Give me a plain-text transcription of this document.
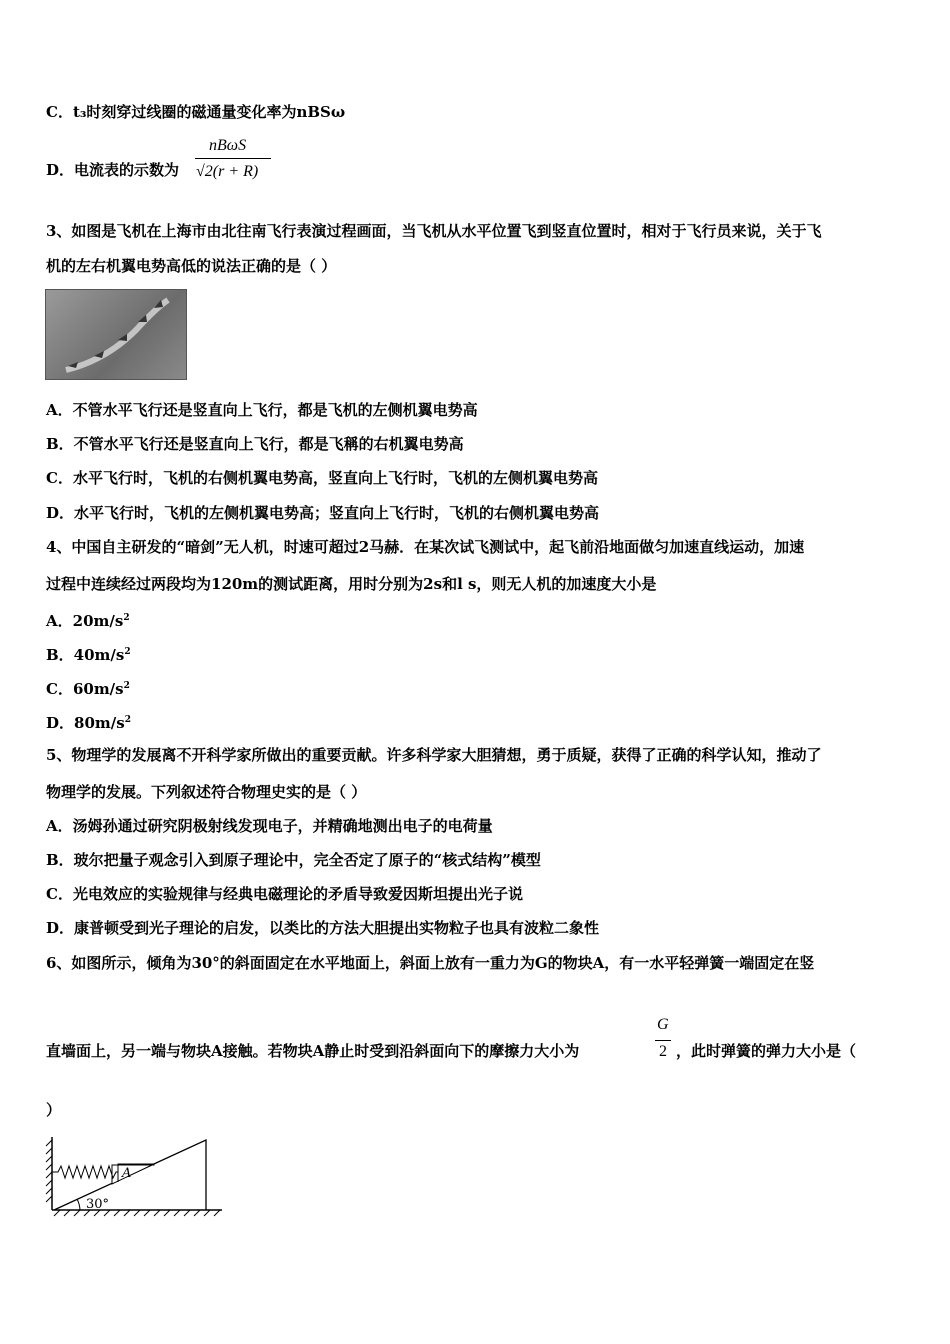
C．t₃时刻穿过线圈的磁通量变化率为nBSω
D．电流表的示数为
nBωS
√2(r + R)
3、如图是飞机在上海市由北往南飞行表演过程画面，当飞机从水平位置飞到竖直位置时，相对于飞行员来说，关于飞
机的左右机翼电势高低的说法正确的是（ ）
A．不管水平飞行还是竖直向上飞行，都是飞机的左侧机翼电势高
B．不管水平飞行还是竖直向上飞行，都是飞稱的右机翼电势高
C．水平飞行时，飞机的右侧机翼电势高，竖直向上飞行时，飞机的左侧机翼电势高
D．水平飞行时，飞机的左侧机翼电势高；竖直向上飞行时，飞机的右侧机翼电势高
4、中国自主研发的“暗剑”无人机，时速可超过2马赫．在某次试飞测试中，起飞前沿地面做匀加速直线运动，加速
过程中连续经过两段均为120m的测试距离，用时分别为2s和l s，则无人机的加速度大小是
A．$20m/s^2$
B．$40m/s^2$
C．$60m/s^2$
D．$80m/s^2$
5、物理学的发展离不开科学家所做出的重要贡献。许多科学家大胆猜想，勇于质疑，获得了正确的科学认知，推动了
物理学的发展。下列叙述符合物理史实的是（ ）
A．汤姆孙通过研究阴极射线发现电子，并精确地测出电子的电荷量
B．玻尔把量子观念引入到原子理论中，完全否定了原子的“核式结构”模型
C．光电效应的实验规律与经典电磁理论的矛盾导致爱因斯坦提出光子说
D．康普顿受到光子理论的启发，以类比的方法大胆提出实物粒子也具有波粒二象性
6、如图所示，倾角为30°的斜面固定在水平地面上，斜面上放有一重力为G的物块A，有一水平轻弹簧一端固定在竖
直墙面上，另一端与物块A接触。若物块A静止时受到沿斜面向下的摩擦力大小为
G
2 ，此时弹簧的弹力大小是（
）
A
30°
